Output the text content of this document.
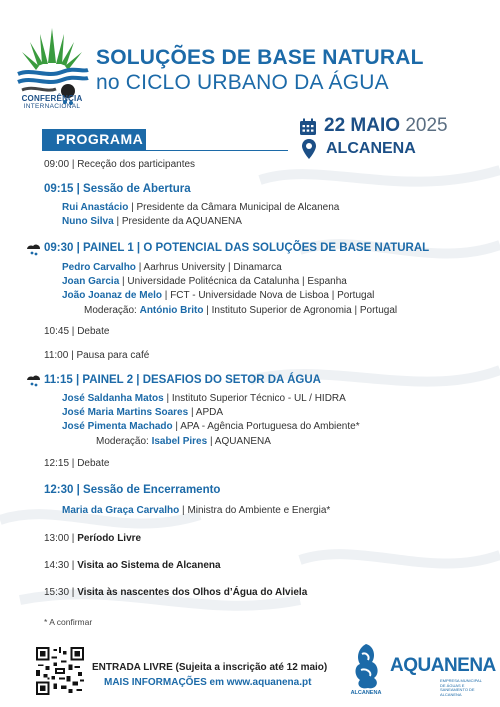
CONFERÊNCIA
INTERNACIONAL
SOLUÇÕES DE BASE NATURAL
no CICLO URBANO DA ÁGUA
PROGRAMA
22 MAIO 2025
ALCANENA
09:00 | Receção dos participantes
09:15 | Sessão de Abertura
Rui Anastácio | Presidente da Câmara Municipal de Alcanena
Nuno Silva | Presidente da AQUANENA
09:30 | PAINEL 1 | O POTENCIAL DAS SOLUÇÕES DE BASE NATURAL
Pedro Carvalho | Aarhrus University | Dinamarca
Joan Garcia | Universidade Politécnica da Catalunha | Espanha
João Joanaz de Melo | FCT - Universidade Nova de Lisboa | Portugal
Moderação: António Brito | Instituto Superior de Agronomia | Portugal
10:45 | Debate
11:00 | Pausa para café
11:15 | PAINEL 2 | DESAFIOS DO SETOR DA ÁGUA
José Saldanha Matos | Instituto Superior Técnico - UL / HIDRA
José Maria Martins Soares | APDA
José Pimenta Machado | APA - Agência Portuguesa do Ambiente*
Moderação: Isabel Pires | AQUANENA
12:15 | Debate
12:30 | Sessão de Encerramento
Maria da Graça Carvalho | Ministra do Ambiente e Energia*
13:00 | Período Livre
14:30 | Visita ao Sistema de Alcanena
15:30 | Visita às nascentes dos Olhos d’Água do Alviela
* A confirmar
ENTRADA LIVRE (Sujeita a inscrição até 12 maio)
MAIS INFORMAÇÕES em www.aquanena.pt
ALCANENA
AQUANENA
EMPRESA MUNICIPAL DE ÁGUAS E SANEAMENTO DE ALCANENA
